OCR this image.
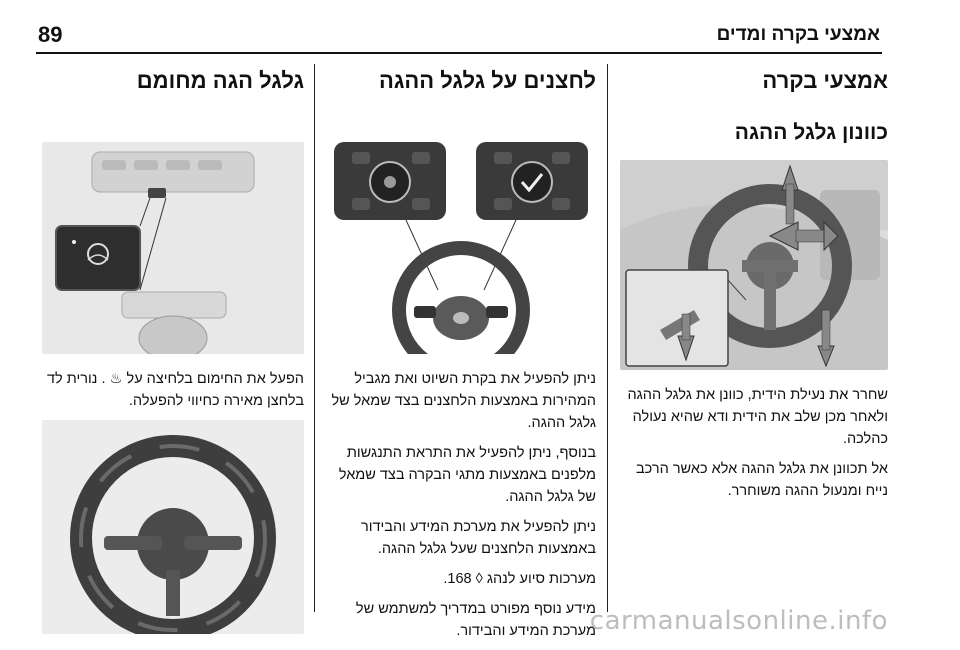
89	אמצעי בקרה ומדים
אמצעי בקרה
כוונון גלגל ההגה

שחרר את נעילת הידית, כוונן את גלגל ההגה ולאחר מכן שלב את הידית ודא שהיא נעולה כהלכה.

אל תכוונן את גלגל ההגה אלא כאשר הרכב נייח ומנעול ההגה משוחרר.

לחצנים על גלגל ההגה

ניתן להפעיל את בקרת השיוט ואת מגביל המהירות באמצעות הלחצנים בצד שמאל של גלגל ההגה.

בנוסף, ניתן להפעיל את התראת התנגשות מלפנים באמצעות מתגי הבקרה בצד שמאל של גלגל ההגה.

ניתן להפעיל את מערכת המידע והבידור באמצעות הלחצנים שעל גלגל ההגה.

מערכות סיוע לנהג ◊ 168.

מידע נוסף מפורט במדריך למשתמש של מערכת המידע והבידור.

גלגל הגה מחומם

הפעל את החימום בלחיצה על ♨ . נורית לד בלחצן מאירה כחיווי להפעלה.

carmanualsonline.info
